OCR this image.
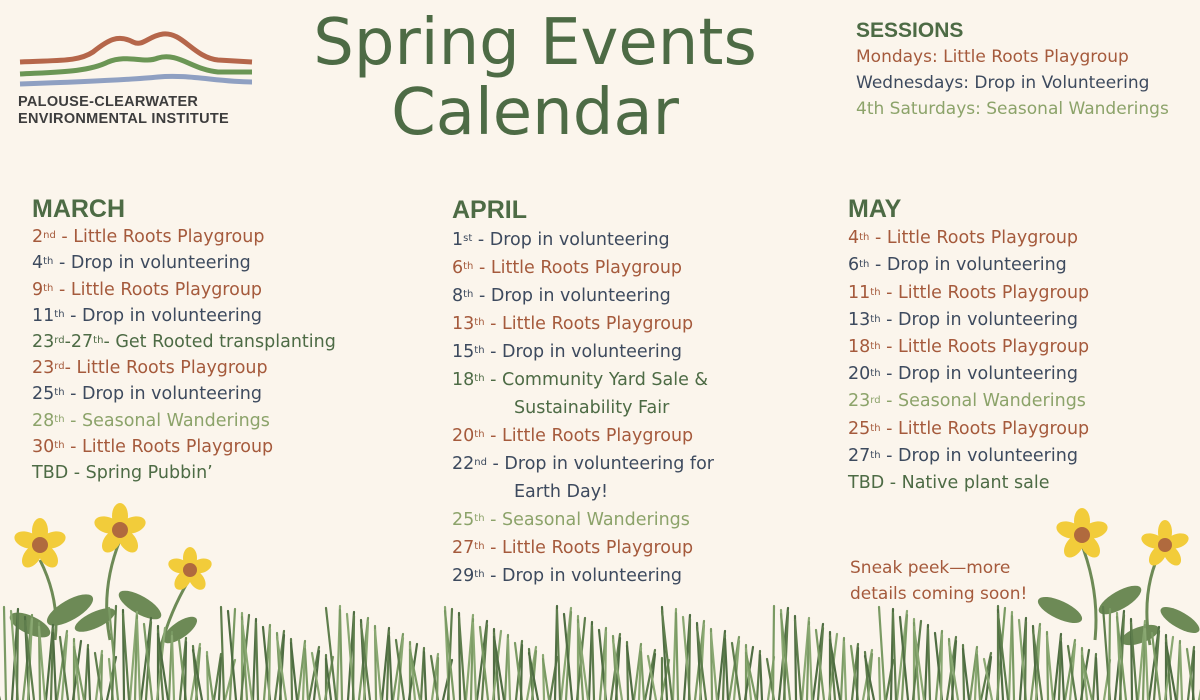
PALOUSE-CLEARWATER
ENVIRONMENTAL INSTITUTE
Spring Events
Calendar
SESSIONS
Mondays: Little Roots Playgroup
Wednesdays: Drop in Volunteering
4th Saturdays: Seasonal Wanderings
MARCH
2nd - Little Roots Playgroup
4th - Drop in volunteering
9th - Little Roots Playgroup
11th - Drop in volunteering
23rd-27th- Get Rooted transplanting
23rd- Little Roots Playgroup
25th - Drop in volunteering
28th - Seasonal Wanderings
30th - Little Roots Playgroup
TBD - Spring Pubbin’
APRIL
1st - Drop in volunteering
6th - Little Roots Playgroup
8th - Drop in volunteering
13th - Little Roots Playgroup
15th - Drop in volunteering
18th - Community Yard Sale &
Sustainability Fair
20th - Little Roots Playgroup
22nd - Drop in volunteering for
Earth Day!
25th - Seasonal Wanderings
27th - Little Roots Playgroup
29th - Drop in volunteering
MAY
4th - Little Roots Playgroup
6th - Drop in volunteering
11th - Little Roots Playgroup
13th - Drop in volunteering
18th - Little Roots Playgroup
20th - Drop in volunteering
23rd - Seasonal Wanderings
25th - Little Roots Playgroup
27th - Drop in volunteering
TBD - Native plant sale
Sneak peek—more
details coming soon!
